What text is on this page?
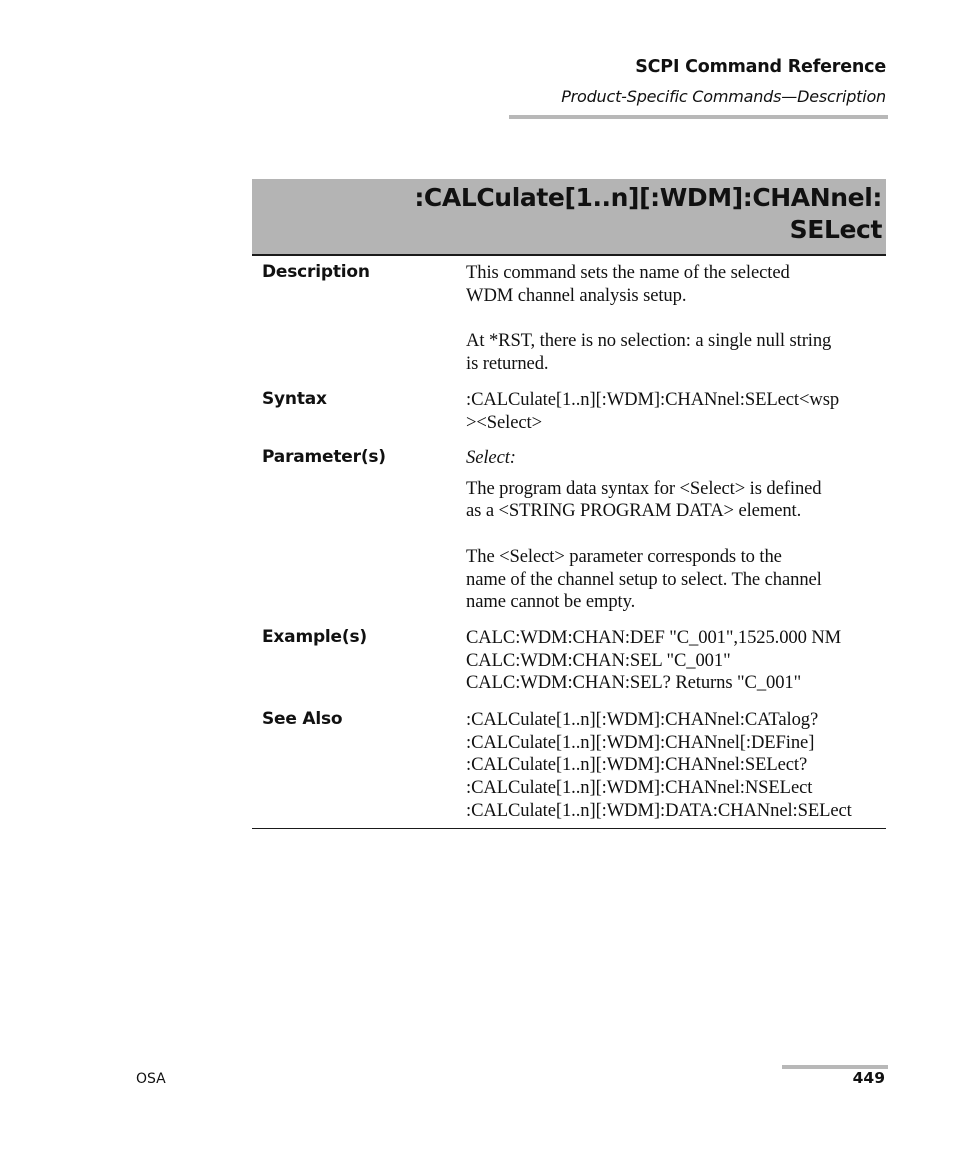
SCPI Command Reference
Product-Specific Commands—Description
:CALCulate[1..n][:WDM]:CHANnel:
SELect
Description	This command sets the name of the selected
WDM channel analysis setup.

At *RST, there is no selection: a single null string
is returned.

Syntax	:CALCulate[1..n][:WDM]:CHANnel:SELect<wsp
><Select>
Parameter(s)	Select:

The program data syntax for <Select> is defined
as a <STRING PROGRAM DATA> element.

The <Select> parameter corresponds to the
name of the channel setup to select. The channel
name cannot be empty.

Example(s)	CALC:WDM:CHAN:DEF "C_001",1525.000 NM
CALC:WDM:CHAN:SEL "C_001"
CALC:WDM:CHAN:SEL? Returns "C_001"
See Also	:CALCulate[1..n][:WDM]:CHANnel:CATalog?
:CALCulate[1..n][:WDM]:CHANnel[:DEFine]
:CALCulate[1..n][:WDM]:CHANnel:SELect?
:CALCulate[1..n][:WDM]:CHANnel:NSELect
:CALCulate[1..n][:WDM]:DATA:CHANnel:SELect
OSA	449
